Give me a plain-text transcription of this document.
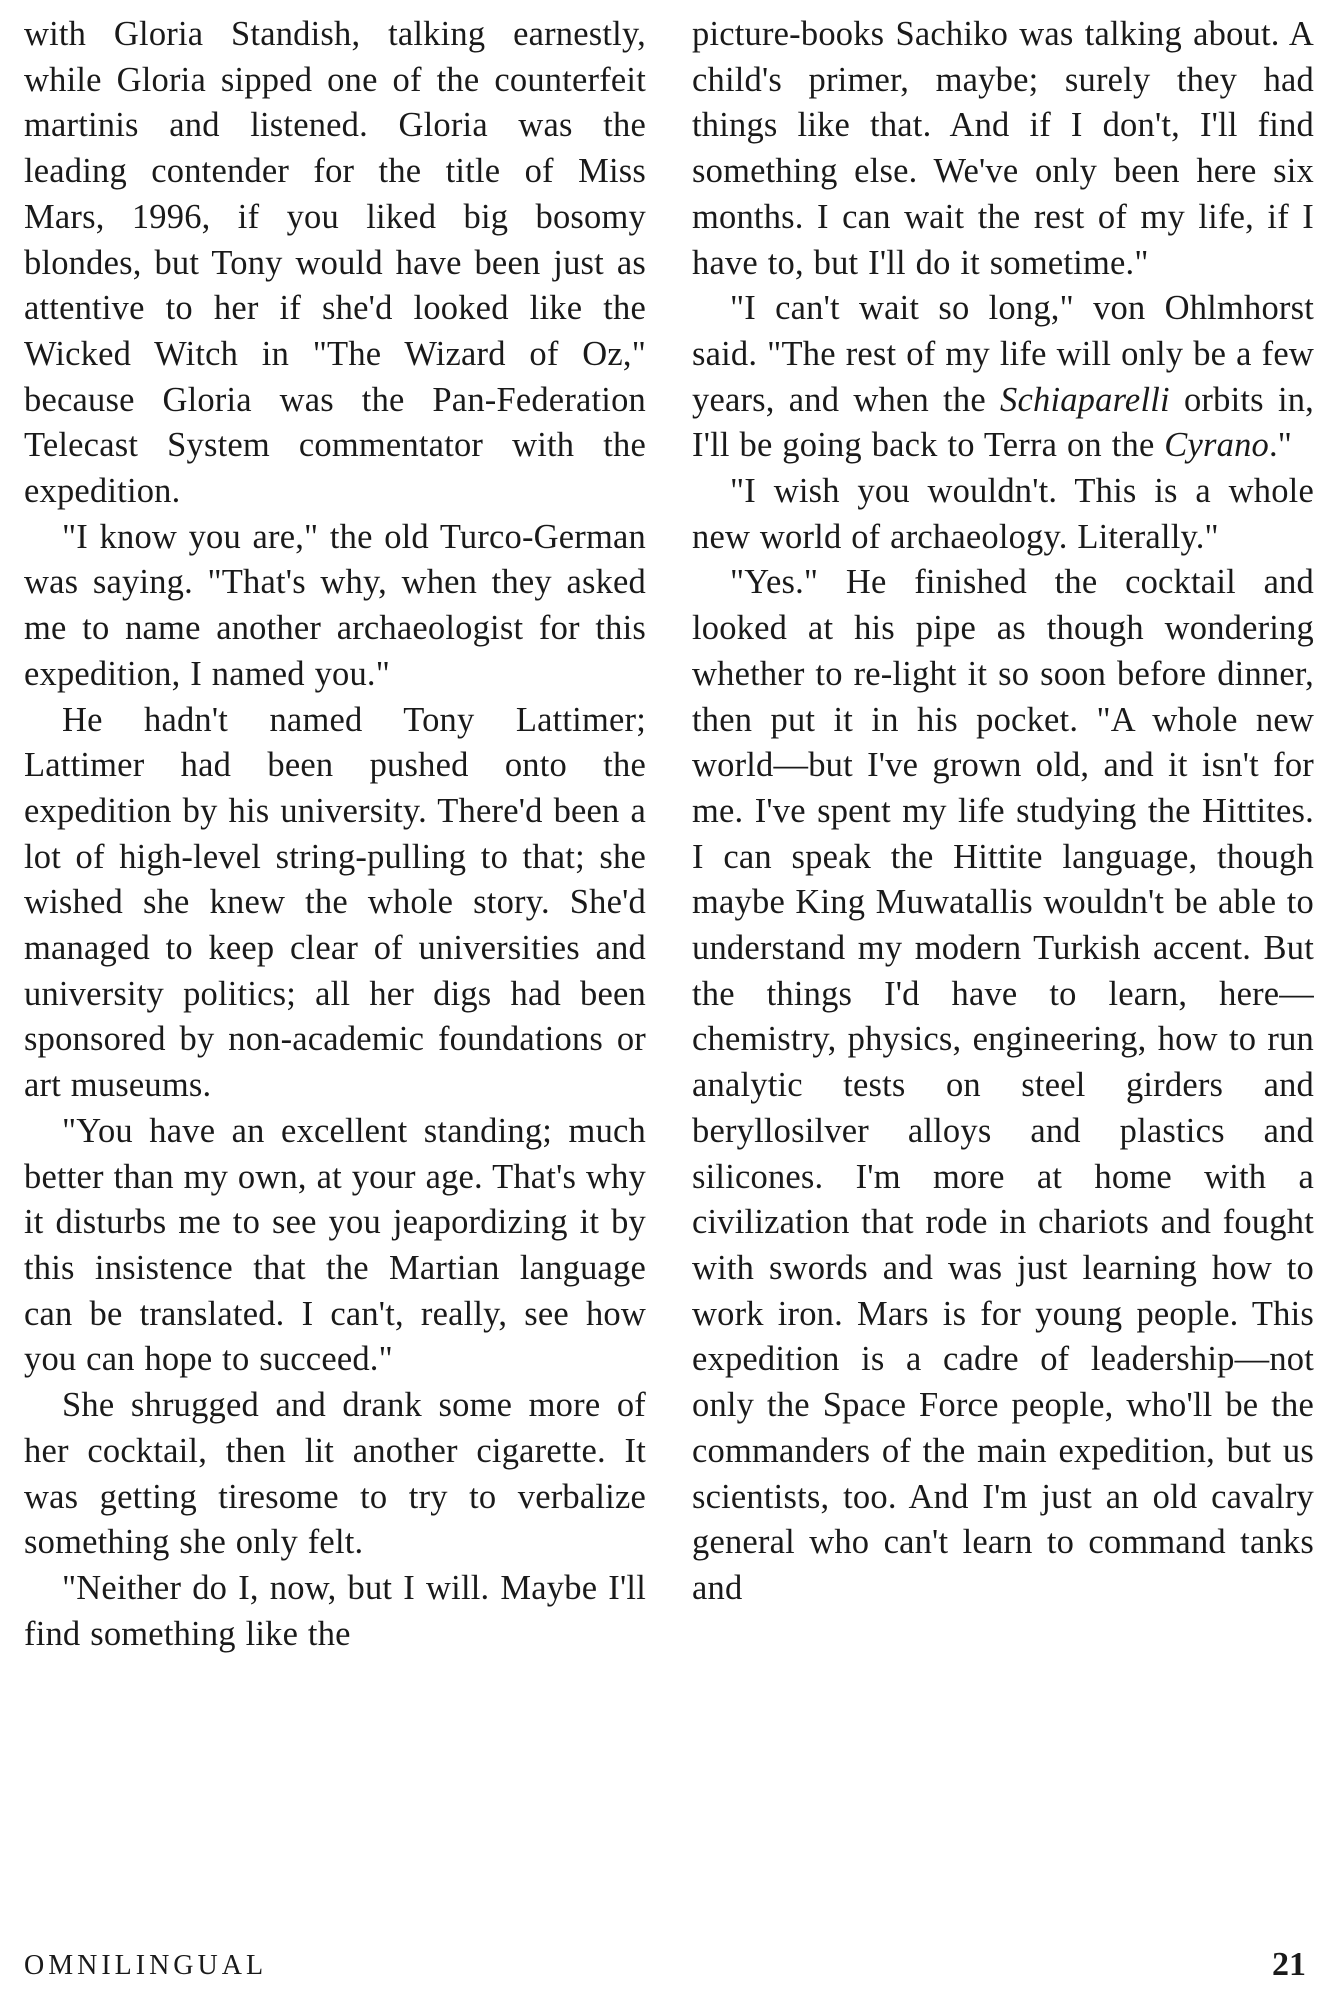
with Gloria Standish, talking earnestly, while Gloria sipped one of the counterfeit martinis and listened. Gloria was the leading contender for the title of Miss Mars, 1996, if you liked big bosomy blondes, but Tony would have been just as attentive to her if she'd looked like the Wicked Witch in "The Wizard of Oz," because Gloria was the Pan-Federation Telecast System commentator with the expedition.

"I know you are," the old Turco-German was saying. "That's why, when they asked me to name another archaeologist for this expedition, I named you."

He hadn't named Tony Lattimer; Lattimer had been pushed onto the expedition by his university. There'd been a lot of high-level string-pulling to that; she wished she knew the whole story. She'd managed to keep clear of universities and university politics; all her digs had been sponsored by non-academic foundations or art museums.

"You have an excellent standing; much better than my own, at your age. That's why it disturbs me to see you jeapordizing it by this insistence that the Martian language can be translated. I can't, really, see how you can hope to succeed."

She shrugged and drank some more of her cocktail, then lit another cigarette. It was getting tiresome to try to verbalize something she only felt.

"Neither do I, now, but I will. Maybe I'll find something like the

picture-books Sachiko was talking about. A child's primer, maybe; surely they had things like that. And if I don't, I'll find something else. We've only been here six months. I can wait the rest of my life, if I have to, but I'll do it sometime."

"I can't wait so long," von Ohlmhorst said. "The rest of my life will only be a few years, and when the Schiaparelli orbits in, I'll be going back to Terra on the Cyrano."

"I wish you wouldn't. This is a whole new world of archaeology. Literally."

"Yes." He finished the cocktail and looked at his pipe as though wondering whether to re-light it so soon before dinner, then put it in his pocket. "A whole new world—but I've grown old, and it isn't for me. I've spent my life studying the Hittites. I can speak the Hittite language, though maybe King Muwatallis wouldn't be able to understand my modern Turkish accent. But the things I'd have to learn, here—chemistry, physics, engineering, how to run analytic tests on steel girders and beryllosilver alloys and plastics and silicones. I'm more at home with a civilization that rode in chariots and fought with swords and was just learning how to work iron. Mars is for young people. This expedition is a cadre of leadership—not only the Space Force people, who'll be the commanders of the main expedition, but us scientists, too. And I'm just an old cavalry general who can't learn to command tanks and

OMNILINGUAL	21
